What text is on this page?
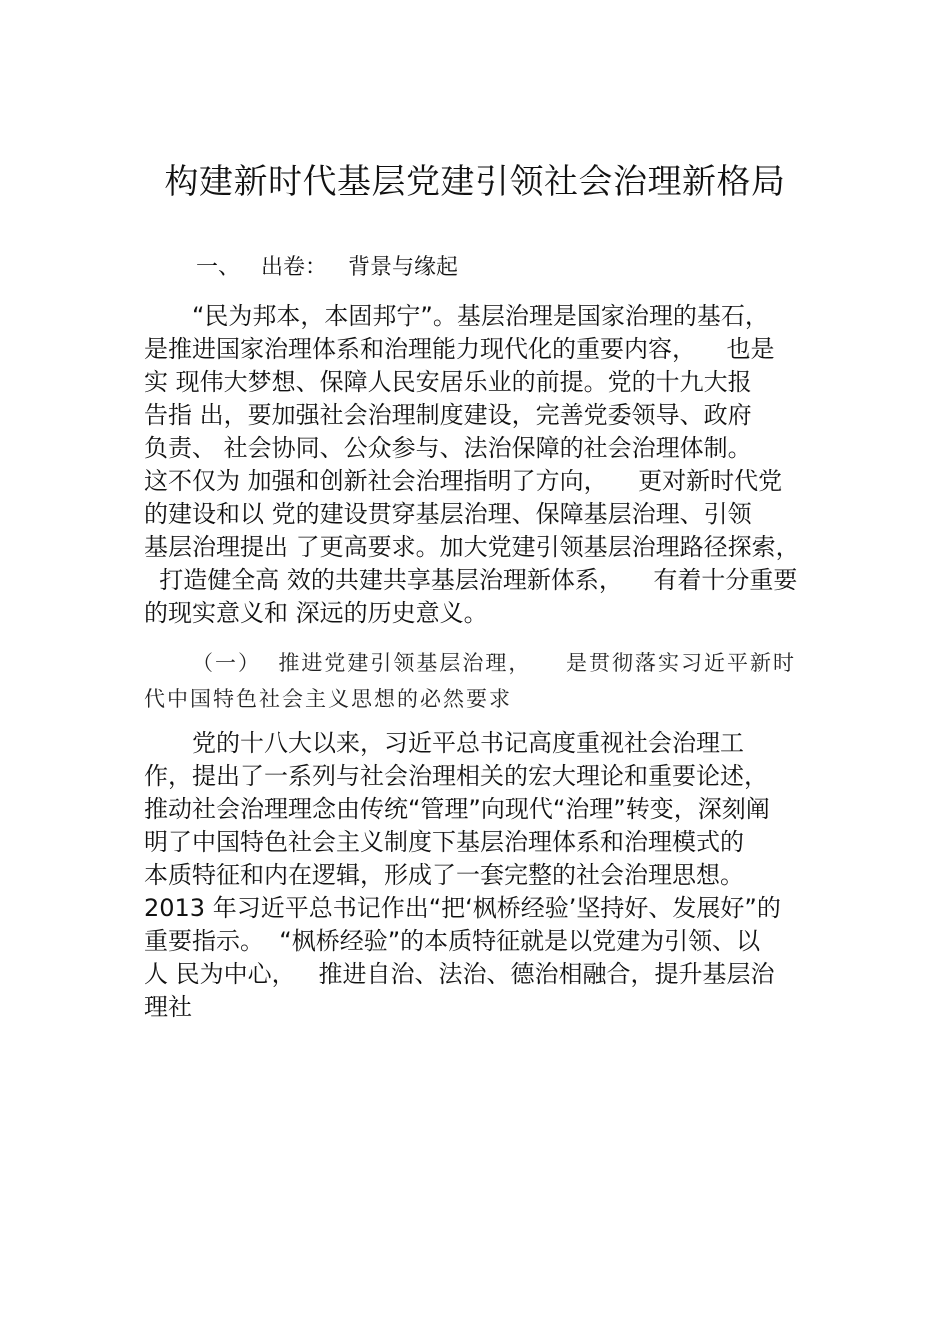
构建新时代基层党建引领社会治理新格局
一、   出卷：   背景与缘起
“民为邦本，本固邦宁”。基层治理是国家治理的基石，
是推进国家治理体系和治理能力现代化的重要内容，    也是
实 现伟大梦想、保障人民安居乐业的前提。党的十九大报
告指 出，要加强社会治理制度建设，完善党委领导、政府
负责、 社会协同、公众参与、法治保障的社会治理体制。
这不仅为 加强和创新社会治理指明了方向，    更对新时代党
的建设和以 党的建设贯穿基层治理、保障基层治理、引领
基层治理提出 了更高要求。加大党建引领基层治理路径探索，
打造健全高 效的共建共享基层治理新体系，    有着十分重要
的现实意义和 深远的历史意义。
（一）  推进党建引领基层治理，    是贯彻落实习近平新时
代中国特色社会主义思想的必然要求
党的十八大以来，习近平总书记高度重视社会治理工
作，提出了一系列与社会治理相关的宏大理论和重要论述，
推动社会治理理念由传统“管理”向现代“治理”转变，深刻阐
明了中国特色社会主义制度下基层治理体系和治理模式的
本质特征和内在逻辑，形成了一套完整的社会治理思想。
2013 年习近平总书记作出“把‘枫桥经验’坚持好、发展好”的
重要指示。  “枫桥经验”的本质特征就是以党建为引领、以
人 民为中心，   推进自治、法治、德治相融合，提升基层治
理社
